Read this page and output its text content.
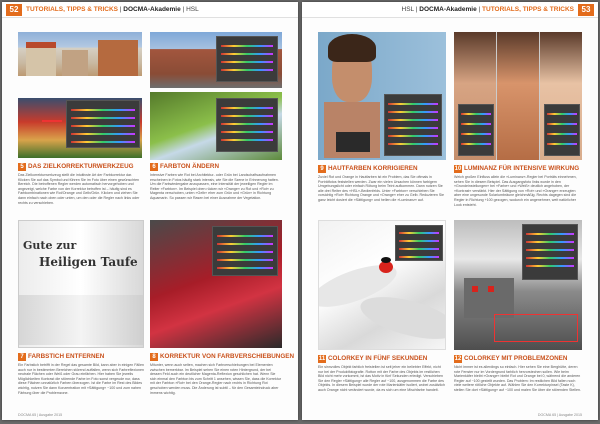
52	TUTORIALS, TIPPS & TRICKS | DOCMA-Akademie | HSL
5 DAS ZIELKORREKTURWERKZEUG
Das Zielkorrekturwerkzeug stellt die intuitivste Art der Farbkorrektur dar. Klicken Sie auf das Symbol und führen Sie im Foto über einen gewünschten Bereich. Die betroffenen Regler werden automatisch hervorgehoben und angezeigt, welche Farbe von der Korrektur betroffen ist – häufig sind es Farbkombinationen wie Rot/Orange und Gelb/Grün. Klicken und ziehen Sie dann einfach nach oben oder unten, um den oder die Regler nach links oder rechts zu verschieben.
6 FARBTON ÄNDERN
Intensive Farben wie Rot bei Architektur- oder Grün bei Landschaftsaufnahmen erscheinen in Fotos häufig stark intensiv, wie Sie die Szene in Erinnerung hatten. Um die Farbwiedergabe anzupassen, eine Intensität der jeweiligen Regler im Reiter »Farbton«. Im Beispiel oben rücken wir »Orange« zu Rot und »Rot« zu Magenta verschoben, unten »Gelb« eher zum Grün und »Grün« in Richtung Aquamarin. So passen wir Rasen bei einer Ausnahme der Vegetation.
Gute zur
Heiligen Taufe
7 FARBSTICH ENTFERNEN
Ein Farbstich betrifft in der Regel das gesamte Bild, kann aber in einigen Fällen auch nur in bestimmten Bereichen störend auffallen, wenn sich Farbreflexionen neutrale Flächen oder Weiß oder Grau einfärben. Hier haben Sie jeweils Möglichkeiten Kontrast die störende Farbe im Foto sonst vergeude nur, dass diese Flächen unnatürlich Farben überzogen. Ist die Farbe im Rest des Bildes wichtig, nutzen Sie dann Konzentration mit »Sättigung« −100 und zum nahen Färbung über die Problemzone.
8 KORREKTUR VON FARBVERSCHIEBUNGEN
Mitunter, wenn auch selten, machen sich Farbverschiebungen bei Elementen zwischen bemerkbar. Im Beispiel sehen Sie einen roten Hintergrund, der bei dessen Feld auch ein deutlicher Magenta-Reflexion geschlichen hat. Wenn Sie sich einmal den Farbton bis zum Schritt 1 ansehen, wissen Sie, dass die Korrektur mit der Farbton »Rot« bei den Orange-Regler nach rechts in Richtung Rot geschoben werden muss. Die Änderung ist subtil – für den Gesamteindruck aber immens wichtig.
DOCMA 65 | Ausgabe 2015
HSL | DOCMA-Akademie | TUTORIALS, TIPPS & TRICKS 53
9 HAUTFARBEN KORRIGIEREN
Zuviel Rot und Orange in Hautfarben ist ein Problem, das Sie oftmals in Porträtfotos feststellen werden. Zwar ein vielen Ursachen können farbigem Umgebungslicht oder einfach Rötung beim Teint aufkommen. Dann nutzen Sie alle drei Reiter des »HSL«-Bedienfelds. Unter »Farbton« verschieben Sie vorsichtig »Rot« Richtung Orange und »Orange« eher zu Gelb. Reduzieren Sie ganz leicht dosiert die »Sättigung« und hellen die »Luminanz« auf.
10 LUMINANZ FÜR INTENSIVE WIRKUNG
Welch großen Einfluss allein die »Luminanz«-Regler bei Porträts einnehmen, sehen Sie in diesem Beispiel. Das Ausgangsfoto links wurde in den »Grundeinstellungen« bei »Farbe« und »Weiß« deutlich angehoben, der »Kontrast« verstärkt. Hier der Sättigung von »Rot« und »Orange« erzeugten aber eine ungesunde Solariumbräune gleichmäßig. Rechts dagegen sind die Regler in Richtung +100 gezogen, wodurch ein angenehmer, weit natürlicher Look entsteht.
11 COLORKEY IN FÜNF SEKUNDEN
Ein sinnvolles Objekt farblich freistellen ist seit jeher ein beliebter Effekt, nicht nur bei der Produktfotografie. Rotton mit der Farbe des Objekts im restlichen Bild nicht mehr vorkommt, ist das Motiv in fünf Sekunden erledigt. Verschieben Sie den Regler »Sättigung« alle Regler auf −100, ausgenommen die Farbe des Objekts. In diesem Beispiel wurde der rote Marienkäfer isoliert, wobei zusätzlich auch Orange nicht verändert wurde, da es sich um eine Mischfarbe handelt.
12 COLORKEY MIT PROBLEMZONEN
Nicht immer ist es allerdings so einfach. Hier sehen Sie eine Berghütte, deren rote Fenster nur im Vordergrund farblich hervorstechen sollen. Wie beim Marienkäfer bleibt »Orange« bleibt Rot und Orange bei 0, während die anderen Regler auf −100 gestellt wurden. Das Problem: Im restlichen Bild fallen noch viele weitere rötliche Objekte auf. Wählen Sie den Korrekturpinsel (Taste K), stellen Sie dort »Sättigung« auf −100 und malen Sie über die störenden Stellen.
DOCMA 65 | Ausgabe 2015
